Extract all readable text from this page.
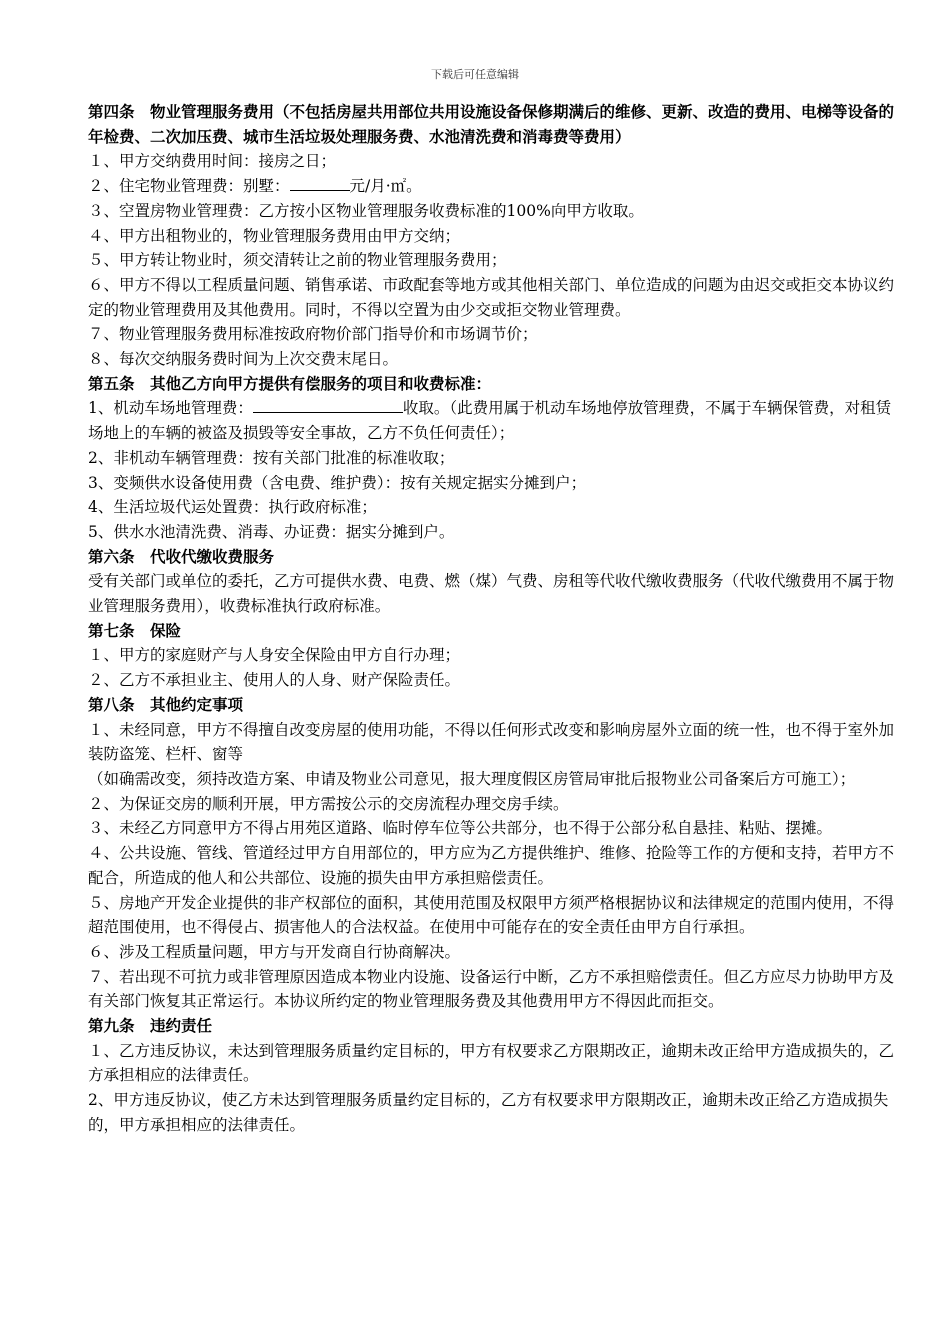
下载后可任意编辑

第四条　物业管理服务费用（不包括房屋共用部位共用设施设备保修期满后的维修、更新、改造的费用、电梯等设备的年检费、二次加压费、城市生活垃圾处理服务费、水池清洗费和消毒费等费用）

１、甲方交纳费用时间：接房之日；

２、住宅物业管理费：别墅：	元/月·㎡。

３、空置房物业管理费：乙方按小区物业管理服务收费标准的100%向甲方收取。

４、甲方出租物业的，物业管理服务费用由甲方交纳；

５、甲方转让物业时，须交清转让之前的物业管理服务费用；

６、甲方不得以工程质量问题、销售承诺、市政配套等地方或其他相关部门、单位造成的问题为由迟交或拒交本协议约定的物业管理费用及其他费用。同时，不得以空置为由少交或拒交物业管理费。

７、物业管理服务费用标准按政府物价部门指导价和市场调节价；

８、每次交纳服务费时间为上次交费末尾日。

第五条　其他乙方向甲方提供有偿服务的项目和收费标准：

1、机动车场地管理费：	收取。（此费用属于机动车场地停放管理费，不属于车辆保管费，对租赁场地上的车辆的被盗及损毁等安全事故，乙方不负任何责任）；

2、非机动车辆管理费：按有关部门批准的标准收取；

3、变频供水设备使用费（含电费、维护费）：按有关规定据实分摊到户；

4、生活垃圾代运处置费：执行政府标准；

5、供水水池清洗费、消毒、办证费：据实分摊到户。

第六条　代收代缴收费服务

受有关部门或单位的委托，乙方可提供水费、电费、燃（煤）气费、房租等代收代缴收费服务（代收代缴费用不属于物业管理服务费用），收费标准执行政府标准。

第七条　保险

１、甲方的家庭财产与人身安全保险由甲方自行办理；

２、乙方不承担业主、使用人的人身、财产保险责任。

第八条　其他约定事项

１、未经同意，甲方不得擅自改变房屋的使用功能，不得以任何形式改变和影响房屋外立面的统一性，也不得于室外加装防盗笼、栏杆、窗等

（如确需改变，须持改造方案、申请及物业公司意见，报大理度假区房管局审批后报物业公司备案后方可施工）；

２、为保证交房的顺利开展，甲方需按公示的交房流程办理交房手续。

３、未经乙方同意甲方不得占用苑区道路、临时停车位等公共部分，也不得于公部分私自悬挂、粘贴、摆摊。

４、公共设施、管线、管道经过甲方自用部位的，甲方应为乙方提供维护、维修、抢险等工作的方便和支持，若甲方不配合，所造成的他人和公共部位、设施的损失由甲方承担赔偿责任。

５、房地产开发企业提供的非产权部位的面积，其使用范围及权限甲方须严格根据协议和法律规定的范围内使用，不得超范围使用，也不得侵占、损害他人的合法权益。在使用中可能存在的安全责任由甲方自行承担。

６、涉及工程质量问题，甲方与开发商自行协商解决。

７、若出现不可抗力或非管理原因造成本物业内设施、设备运行中断，乙方不承担赔偿责任。但乙方应尽力协助甲方及有关部门恢复其正常运行。本协议所约定的物业管理服务费及其他费用甲方不得因此而拒交。

第九条　违约责任

１、乙方违反协议，未达到管理服务质量约定目标的，甲方有权要求乙方限期改正，逾期未改正给甲方造成损失的，乙方承担相应的法律责任。

2、甲方违反协议，使乙方未达到管理服务质量约定目标的，乙方有权要求甲方限期改正，逾期未改正给乙方造成损失的，甲方承担相应的法律责任。
